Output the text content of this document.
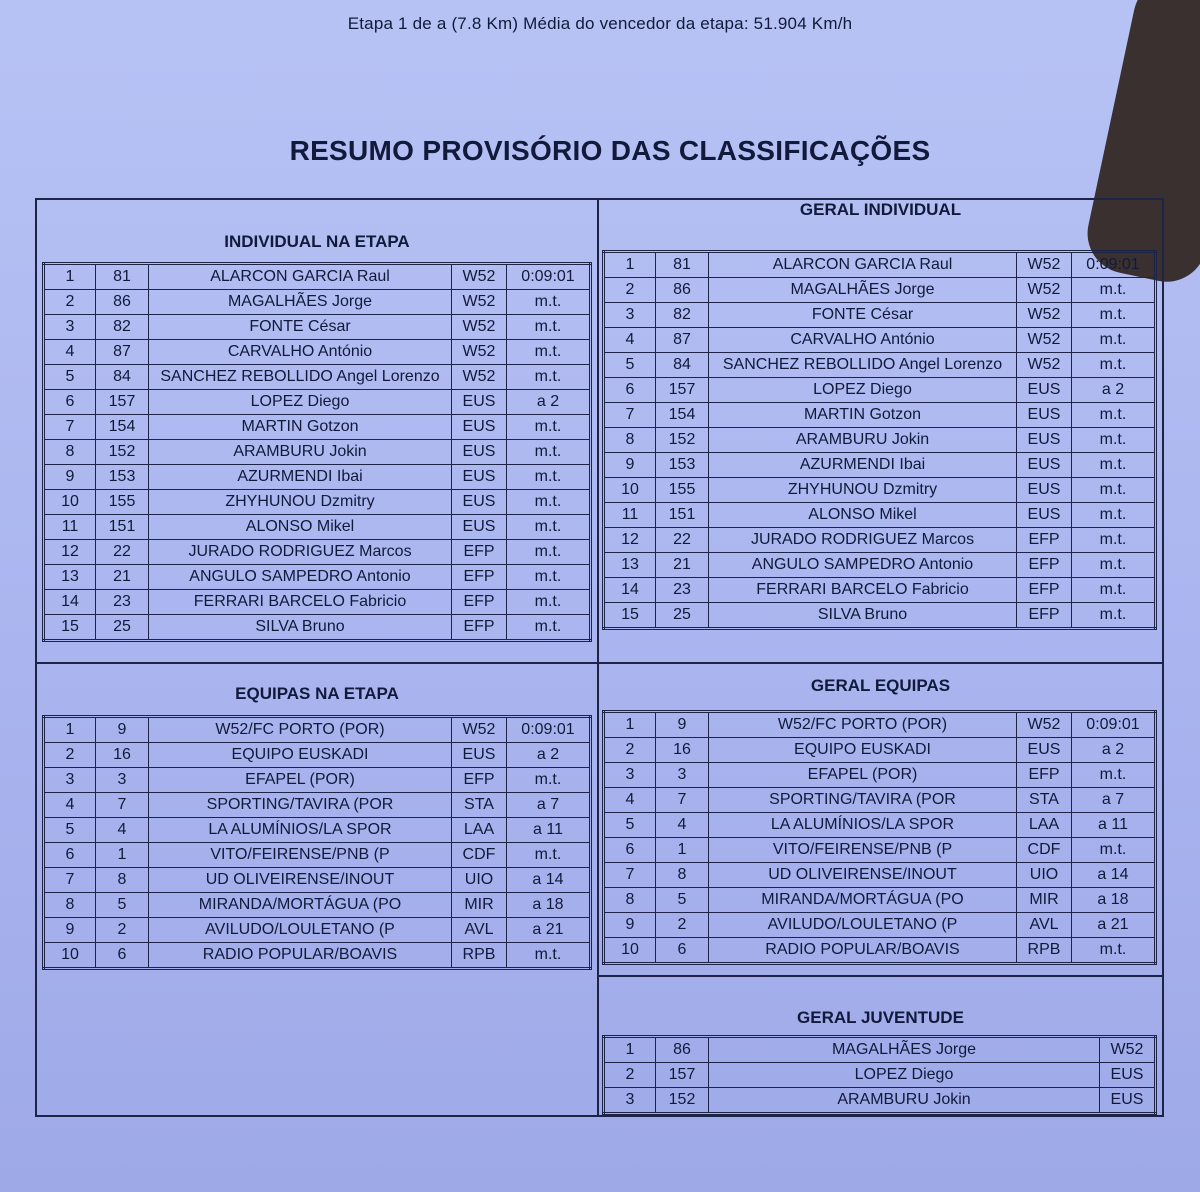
Etapa 1 de a (7.8 Km) Média do vencedor da etapa: 51.904 Km/h
RESUMO PROVISÓRIO DAS CLASSIFICAÇÕES
INDIVIDUAL NA ETAPA
GERAL INDIVIDUAL
EQUIPAS NA ETAPA	GERAL EQUIPAS
GERAL JUVENTUDE
1	81	ALARCON GARCIA Raul	W52	0:09:01
2	86	MAGALHÃES Jorge	W52	m.t.
3	82	FONTE César	W52	m.t.
4	87	CARVALHO António	W52	m.t.
5	84	SANCHEZ REBOLLIDO Angel Lorenzo	W52	m.t.
6	157	LOPEZ Diego	EUS	a 2
7	154	MARTIN Gotzon	EUS	m.t.
8	152	ARAMBURU Jokin	EUS	m.t.
9	153	AZURMENDI Ibai	EUS	m.t.
10	155	ZHYHUNOU Dzmitry	EUS	m.t.
11	151	ALONSO Mikel	EUS	m.t.
12	22	JURADO RODRIGUEZ Marcos	EFP	m.t.
13	21	ANGULO SAMPEDRO Antonio	EFP	m.t.
14	23	FERRARI BARCELO Fabricio	EFP	m.t.
15	25	SILVA Bruno	EFP	m.t.
1	81	ALARCON GARCIA Raul	W52	0:09:01
2	86	MAGALHÃES Jorge	W52	m.t.
3	82	FONTE César	W52	m.t.
4	87	CARVALHO António	W52	m.t.
5	84	SANCHEZ REBOLLIDO Angel Lorenzo	W52	m.t.
6	157	LOPEZ Diego	EUS	a 2
7	154	MARTIN Gotzon	EUS	m.t.
8	152	ARAMBURU Jokin	EUS	m.t.
9	153	AZURMENDI Ibai	EUS	m.t.
10	155	ZHYHUNOU Dzmitry	EUS	m.t.
11	151	ALONSO Mikel	EUS	m.t.
12	22	JURADO RODRIGUEZ Marcos	EFP	m.t.
13	21	ANGULO SAMPEDRO Antonio	EFP	m.t.
14	23	FERRARI BARCELO Fabricio	EFP	m.t.
15	25	SILVA Bruno	EFP	m.t.
1	9	W52/FC PORTO (POR)	W52	0:09:01
2	16	EQUIPO EUSKADI	EUS	a 2
3	3	EFAPEL (POR)	EFP	m.t.
4	7	SPORTING/TAVIRA (POR	STA	a 7
5	4	LA ALUMÍNIOS/LA SPOR	LAA	a 11
6	1	VITO/FEIRENSE/PNB (P	CDF	m.t.
7	8	UD OLIVEIRENSE/INOUT	UIO	a 14
8	5	MIRANDA/MORTÁGUA (PO	MIR	a 18
9	2	AVILUDO/LOULETANO (P	AVL	a 21
10	6	RADIO POPULAR/BOAVIS	RPB	m.t.
1	9	W52/FC PORTO (POR)	W52	0:09:01
2	16	EQUIPO EUSKADI	EUS	a 2
3	3	EFAPEL (POR)	EFP	m.t.
4	7	SPORTING/TAVIRA (POR	STA	a 7
5	4	LA ALUMÍNIOS/LA SPOR	LAA	a 11
6	1	VITO/FEIRENSE/PNB (P	CDF	m.t.
7	8	UD OLIVEIRENSE/INOUT	UIO	a 14
8	5	MIRANDA/MORTÁGUA (PO	MIR	a 18
9	2	AVILUDO/LOULETANO (P	AVL	a 21
10	6	RADIO POPULAR/BOAVIS	RPB	m.t.
1	86	MAGALHÃES Jorge	W52
2	157	LOPEZ Diego	EUS
3	152	ARAMBURU Jokin	EUS
